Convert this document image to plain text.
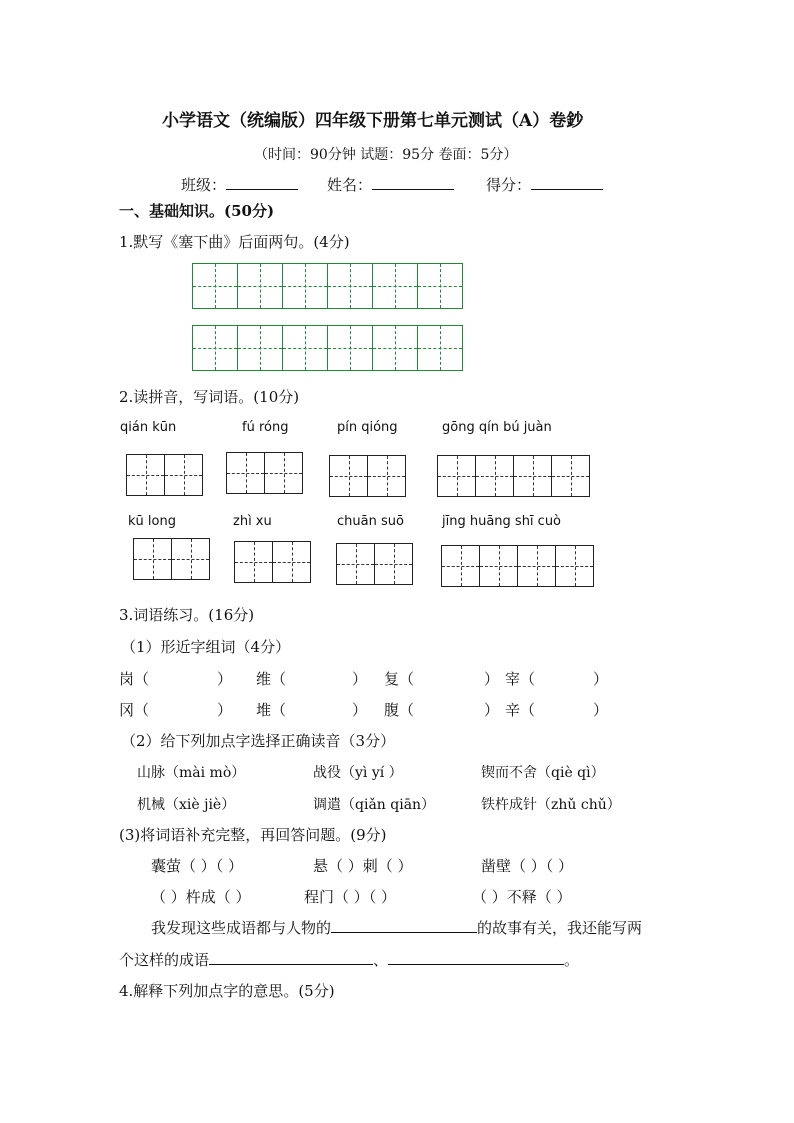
小学语文（统编版）四年级下册第七单元测试（A）卷鈔
（时间：90分钟 试题：95分 卷面：5分）
班级：	姓名：	得分：
一、基础知识。(50分)
1.默写《塞下曲》后面两句。(4分)
2.读拼音，写词语。(10分)
qián kūn	fú róng	pín qióng	gōng qín bú juàn
kū long	zhì xu	chuān suō	jīng huāng shī cuò
3.词语练习。(16分)
（1）形近字组词（4分）
岗（	） 维（	） 复（	） 宰（	）
冈（	） 堆（	） 腹（	） 辛（	）
（2）给下列加点字选择正确读音（3分）
山脉（mài mò）	战役（yì yí ）	锲而不舍（qiè qì）
机械（xiè jiè）	调遣（qiǎn qiān）	铁杵成针（zhǔ chǔ）
(3)将词语补充完整，再回答问题。(9分)
囊萤（ ）（ ）	悬（ ）刺（ ）	凿壁（ ）（ ）
（ ）杵成（ ）	程门（ ）（ ）	（ ）不释（ ）
我发现这些成语都与人物的	的故事有关，我还能写两
个这样的成语	、	。
4.解释下列加点字的意思。(5分)
